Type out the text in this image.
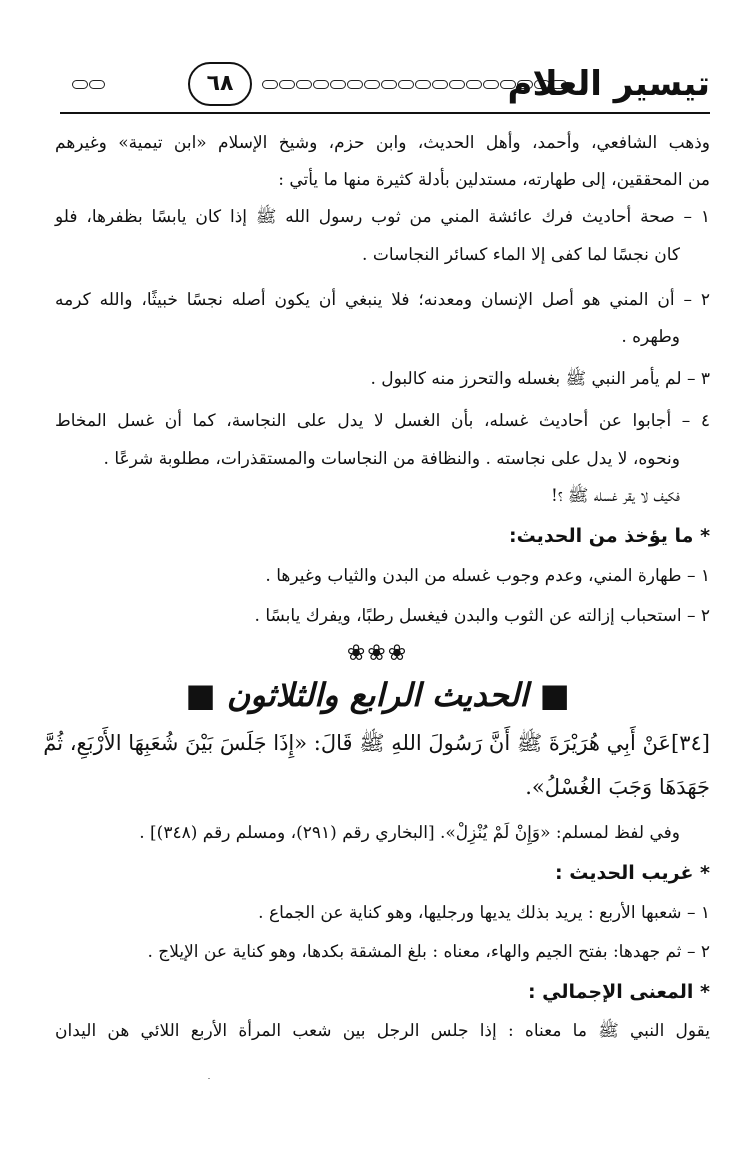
٦٨	تيسير العلام
وذهب الشافعي، وأحمد، وأهل الحديث، وابن حزم، وشيخ الإسلام «ابن تيمية» وغيرهم
من المحققين، إلى طهارته، مستدلين بأدلة كثيرة منها ما يأتي :
١ – صحة أحاديث فرك عائشة المني من ثوب رسول الله ﷺ إذا كان يابسًا بظفرها، فلو
كان نجسًا لما كفى إلا الماء كسائر النجاسات .
٢ – أن المني هو أصل الإنسان ومعدنه؛ فلا ينبغي أن يكون أصله نجسًا خبيثًا، والله كرمه
وطهره .
٣ – لم يأمر النبي ﷺ بغسله والتحرز منه كالبول .
٤ – أجابوا عن أحاديث غسله، بأن الغسل لا يدل على النجاسة، كما أن غسل المخاط
ونحوه، لا يدل على نجاسته . والنظافة من النجاسات والمستقذرات، مطلوبة شرعًا .
فكيف لا يقر غسله ﷺ ؟!
* ما يؤخذ من الحديث:
١ – طهارة المني، وعدم وجوب غسله من البدن والثياب وغيرها .
٢ – استحباب إزالته عن الثوب والبدن فيغسل رطبًا، ويفرك يابسًا .
❀❀❀
■ الحديث الرابع والثلاثون ■
[٣٤]عَنْ أَبِي هُرَيْرَةَ ﷺ أَنَّ رَسُولَ اللهِ ﷺ قَالَ: «إِذَا جَلَسَ بَيْنَ شُعَبِهَا الأَرْبَعِ، ثُمَّ
جَهَدَهَا وَجَبَ الغُسْلُ».
وفي لفظ لمسلم: «وَإِنْ لَمْ يُنْزِلْ». [البخاري رقم (٢٩١)، ومسلم رقم (٣٤٨)] .
* غريب الحديث :
١ – شعبها الأربع : يريد بذلك يديها ورجليها، وهو كناية عن الجماع .
٢ – ثم جهدها: بفتح الجيم والهاء، معناه : بلغ المشقة بكدها، وهو كناية عن الإيلاج .
* المعنى الإجمالي :
يقول النبي ﷺ ما معناه : إذا جلس الرجل بين شعب المرأة الأربع اللائي هن اليدان
